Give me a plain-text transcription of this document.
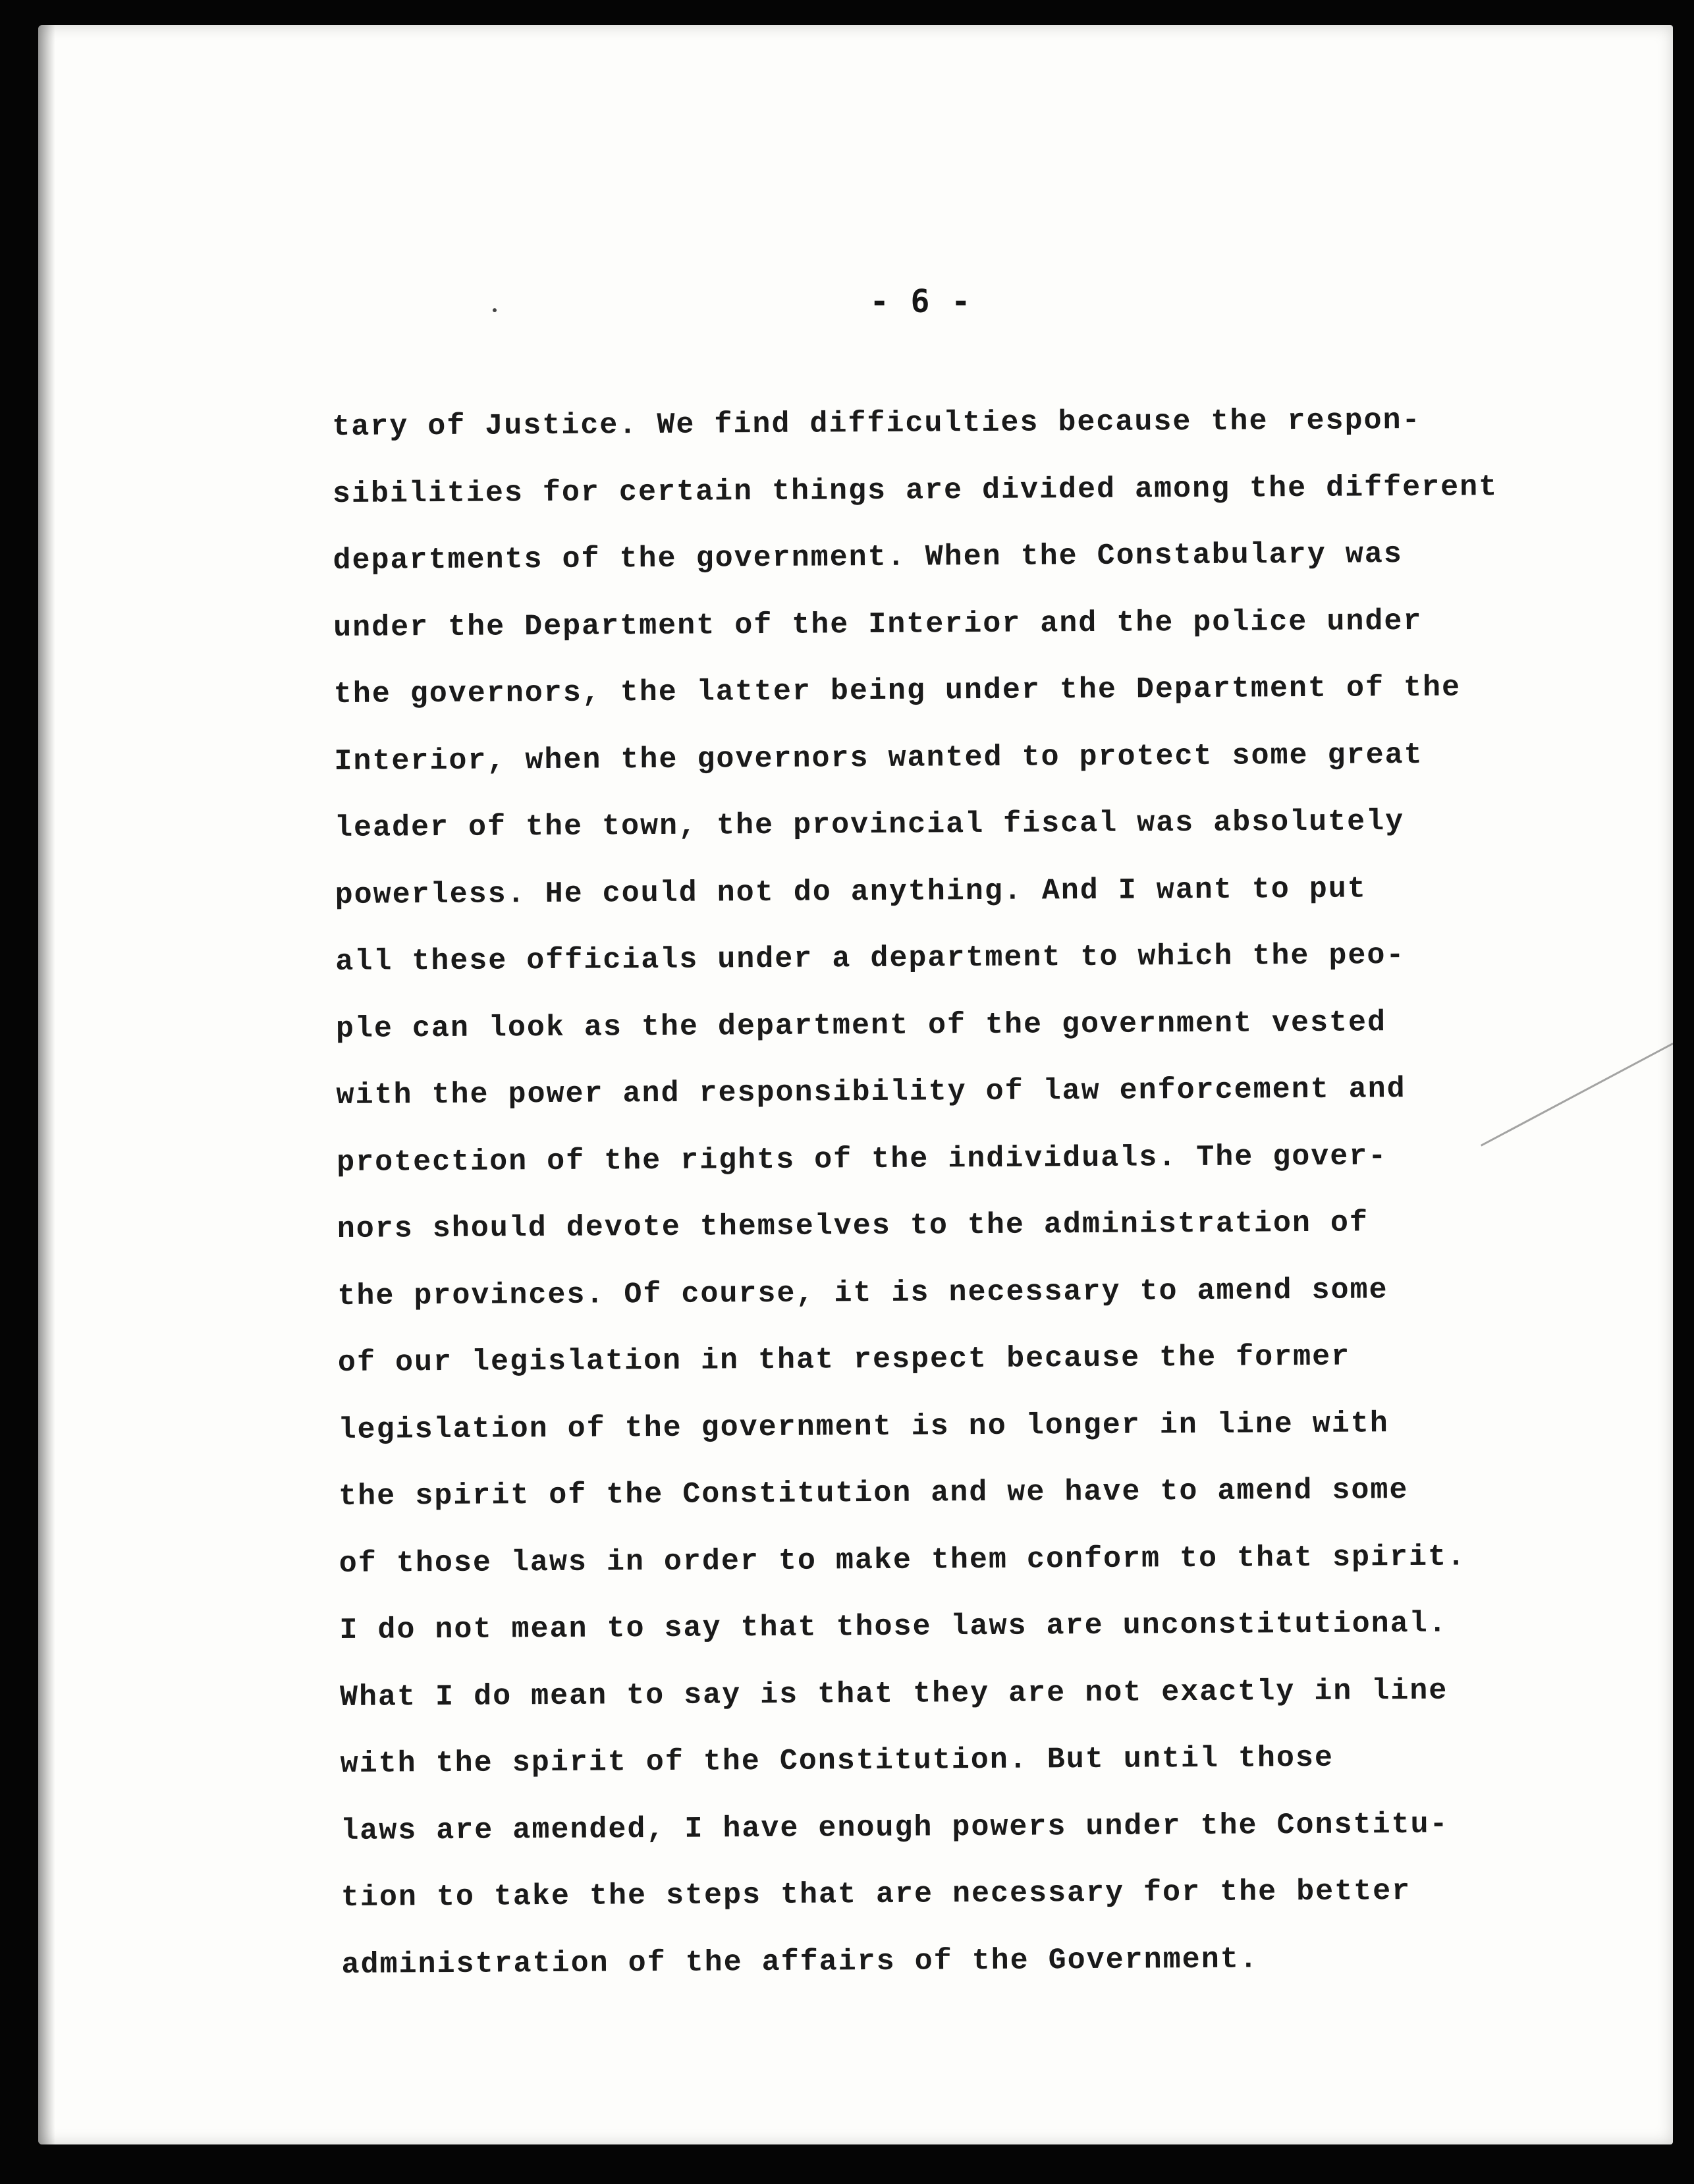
- 6 -
tary of Justice. We find difficulties because the respon-
sibilities for certain things are divided among the different
departments of the government. When the Constabulary was
under the Department of the Interior and the police under
the governors, the latter being under the Department of the
Interior, when the governors wanted to protect some great
leader of the town, the provincial fiscal was absolutely
powerless. He could not do anything. And I want to put
all these officials under a department to which the peo-
ple can look as the department of the government vested
with the power and responsibility of law enforcement and
protection of the rights of the individuals. The gover-
nors should devote themselves to the administration of
the provinces. Of course, it is necessary to amend some
of our legislation in that respect because the former
legislation of the government is no longer in line with
the spirit of the Constitution and we have to amend some
of those laws in order to make them conform to that spirit.
I do not mean to say that those laws are unconstitutional.
What I do mean to say is that they are not exactly in line
with the spirit of the Constitution. But until those
laws are amended, I have enough powers under the Constitu-
tion to take the steps that are necessary for the better
administration of the affairs of the Government.
